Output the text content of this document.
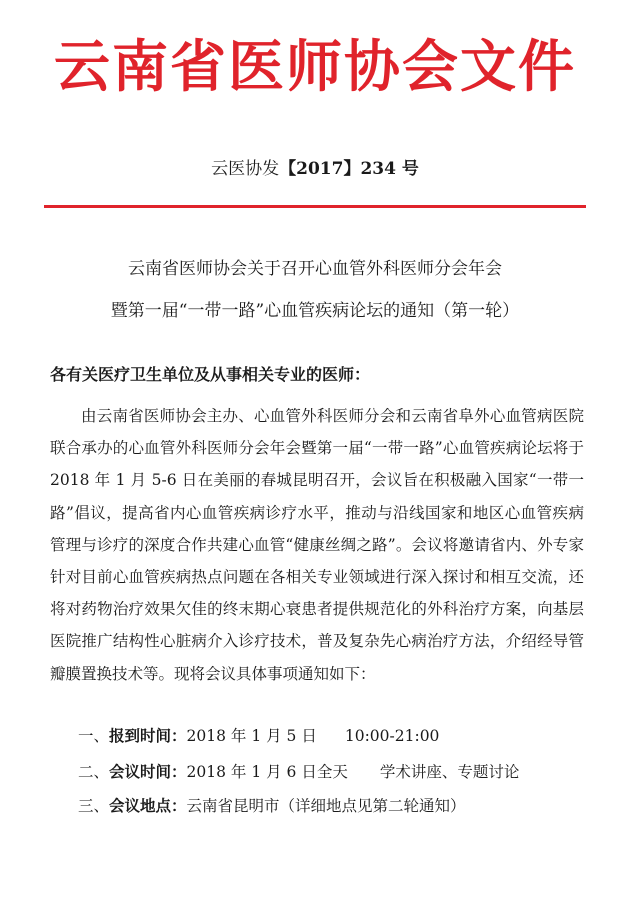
云南省医师协会文件
云医协发【2017】234 号
云南省医师协会关于召开心血管外科医师分会年会
暨第一届“一带一路”心血管疾病论坛的通知（第一轮）
各有关医疗卫生单位及从事相关专业的医师：
由云南省医师协会主办、心血管外科医师分会和云南省阜外心血管病医院联合承办的心血管外科医师分会年会暨第一届“一带一路”心血管疾病论坛将于 2018 年 1 月 5-6 日在美丽的春城昆明召开，会议旨在积极融入国家“一带一路”倡议，提高省内心血管疾病诊疗水平，推动与沿线国家和地区心血管疾病管理与诊疗的深度合作共建心血管“健康丝绸之路”。会议将邀请省内、外专家针对目前心血管疾病热点问题在各相关专业领域进行深入探讨和相互交流，还将对药物治疗效果欠佳的终末期心衰患者提供规范化的外科治疗方案，向基层医院推广结构性心脏病介入诊疗技术，普及复杂先心病治疗方法，介绍经导管瓣膜置换技术等。现将会议具体事项通知如下：
一、报到时间：2018 年 1 月 5 日 10:00-21:00
二、会议时间：2018 年 1 月 6 日全天 学术讲座、专题讨论
三、会议地点：云南省昆明市（详细地点见第二轮通知）
